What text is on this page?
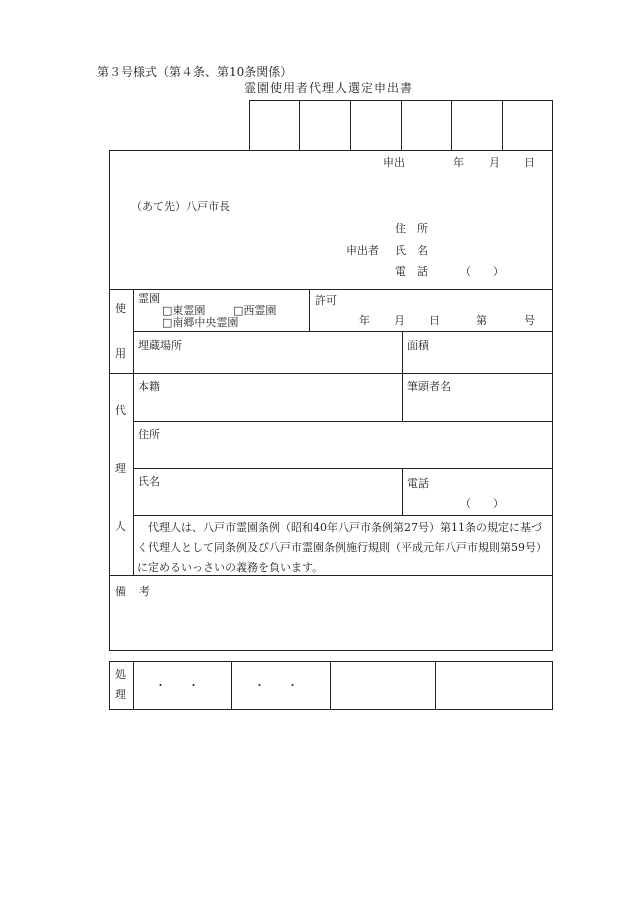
第３号様式（第４条、第10条関係）
霊園使用者代理人選定申出書
申出	年 月 日
（あて先）八戸市長
住　所
申出者 氏　名
電　話	（　　）
使
用
霊園
□東霊園	□西霊園
□南郷中央霊園
許可
年 月 日	第	号
埋蔵場所	面積
代
理
人
本籍	筆頭者名
住所
氏名	電話
（　　）
代理人は、八戸市霊園条例（昭和40年八戸市条例第27号）第11条の規定に基づく代理人として同条例及び八戸市霊園条例施行規則（平成元年八戸市規則第59号）に定めるいっさいの義務を負います。
備 考
処
理
・　　・	・　　・
